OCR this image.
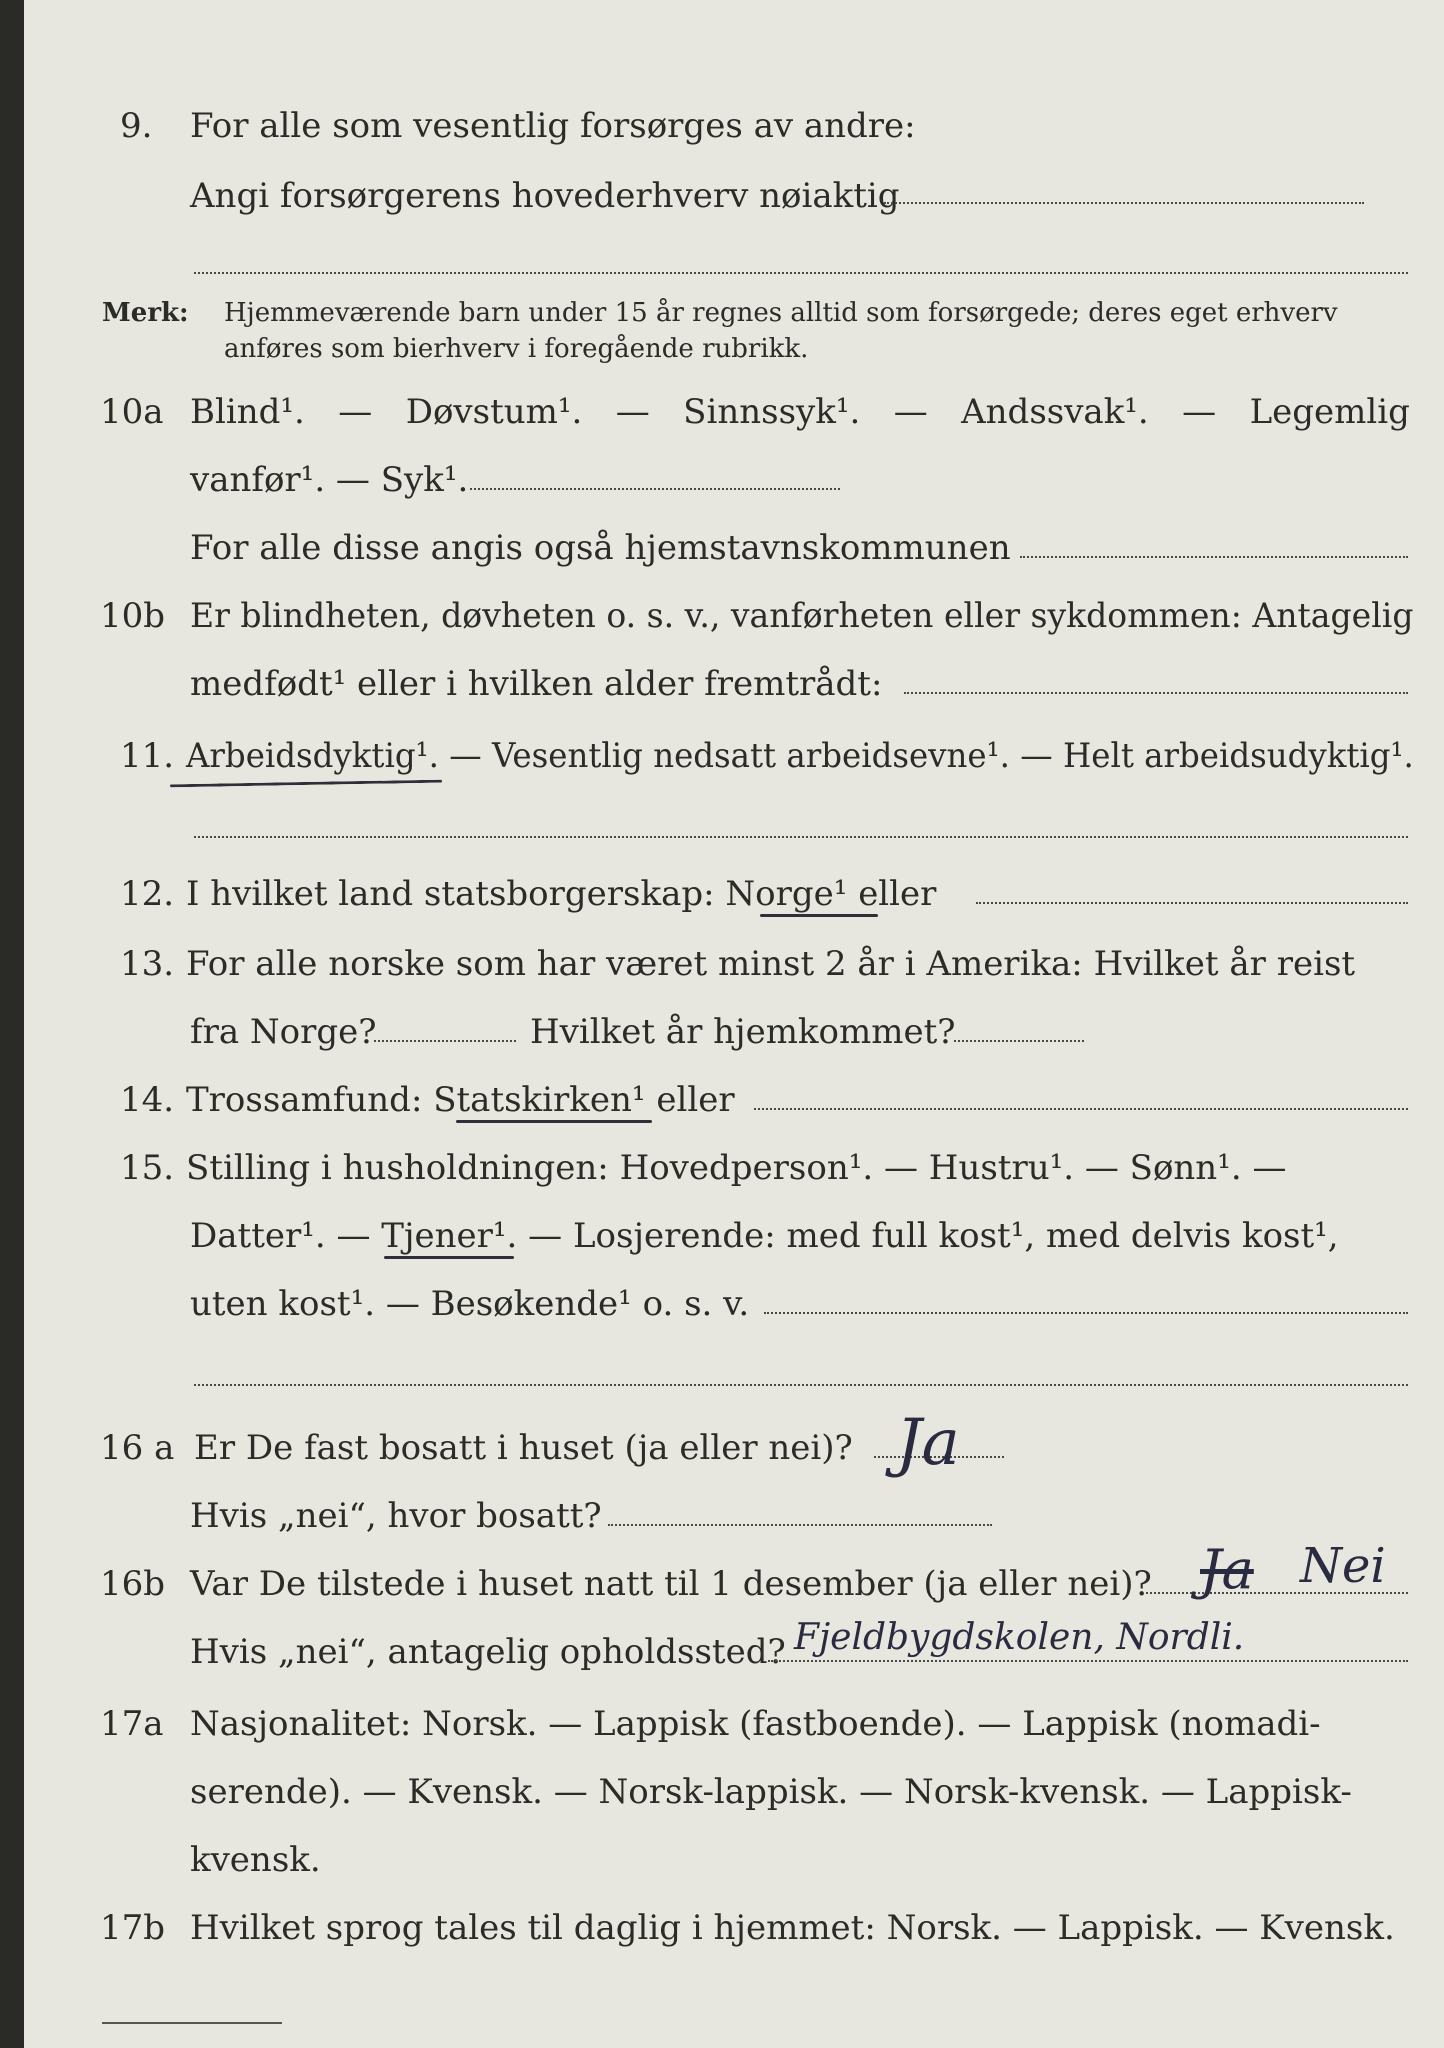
9. For alle som vesentlig forsørges av andre:
Angi forsørgerens hovederhverv nøiaktig
Merk: Hjemmeværende barn under 15 år regnes alltid som forsørgede; deres eget erhverv
anføres som bierhverv i foregående rubrikk.
10a Blind¹. — Døvstum¹. — Sinnssyk¹. — Andssvak¹. — Legemlig
vanfør¹. — Syk¹.
For alle disse angis også hjemstavnskommunen
10b Er blindheten, døvheten o. s. v., vanførheten eller sykdommen: Antagelig
medfødt¹ eller i hvilken alder fremtrådt:
11. Arbeidsdyktig¹. — Vesentlig nedsatt arbeidsevne¹. — Helt arbeidsudyktig¹.
12. I hvilket land statsborgerskap: Norge¹ eller
13. For alle norske som har været minst 2 år i Amerika: Hvilket år reist
fra Norge?	Hvilket år hjemkommet?
14. Trossamfund: Statskirken¹ eller
15. Stilling i husholdningen: Hovedperson¹. — Hustru¹. — Sønn¹. —
Datter¹. — Tjener¹. — Losjerende: med full kost¹, med delvis kost¹,
uten kost¹. — Besøkende¹ o. s. v.
16 a Er De fast bosatt i huset (ja eller nei)? Ja
Hvis „nei“, hvor bosatt?
16b Var De tilstede i huset natt til 1 desember (ja eller nei)? Ja Nei
Hvis „nei“, antagelig opholdssted? Fjeldbygdskolen, Nordli.
17a Nasjonalitet: Norsk. — Lappisk (fastboende). — Lappisk (nomadi-
serende). — Kvensk. — Norsk-lappisk. — Norsk-kvensk. — Lappisk-
kvensk.
17b Hvilket sprog tales til daglig i hjemmet: Norsk. — Lappisk. — Kvensk.
